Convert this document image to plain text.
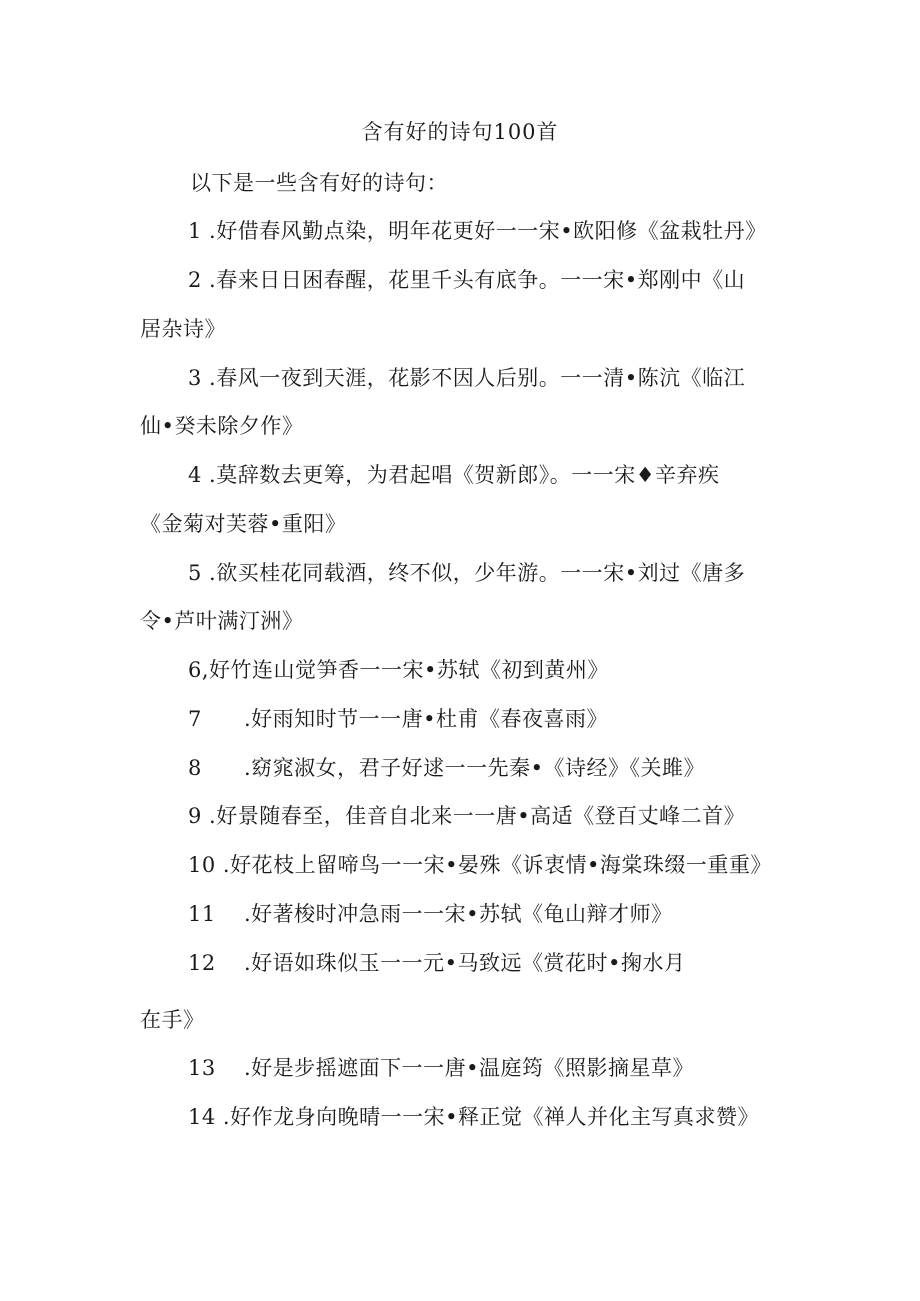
含有好的诗句100首
以下是一些含有好的诗句：
1 .好借春风勤点染，明年花更好一一宋•欧阳修《盆栽牡丹》
2 .春来日日困春醒，花里千头有底争。一一宋•郑刚中《山
居杂诗》
3 .春风一夜到天涯，花影不因人后别。一一清•陈沆《临江
仙•癸未除夕作》
4 .莫辞数去更筹，为君起唱《贺新郎》。一一宋♦辛弃疾
《金菊对芙蓉•重阳》
5 .欲买桂花同载酒，终不似，少年游。一一宋•刘过《唐多
令•芦叶满汀洲》
6,好竹连山觉笋香一一宋•苏轼《初到黄州》
7 .好雨知时节一一唐•杜甫《春夜喜雨》
8 .窈窕淑女，君子好逑一一先秦•《诗经》《关雎》
9 .好景随春至，佳音自北来一一唐•高适《登百丈峰二首》
10 .好花枝上留啼鸟一一宋•晏殊《诉衷情•海棠珠缀一重重》
11 .好著梭时冲急雨一一宋•苏轼《龟山辩才师》
12 .好语如珠似玉一一元•马致远《赏花时•掬水月
在手》
13 .好是步摇遮面下一一唐•温庭筠《照影摘星草》
14 .好作龙身向晚晴一一宋•释正觉《禅人并化主写真求赞》
